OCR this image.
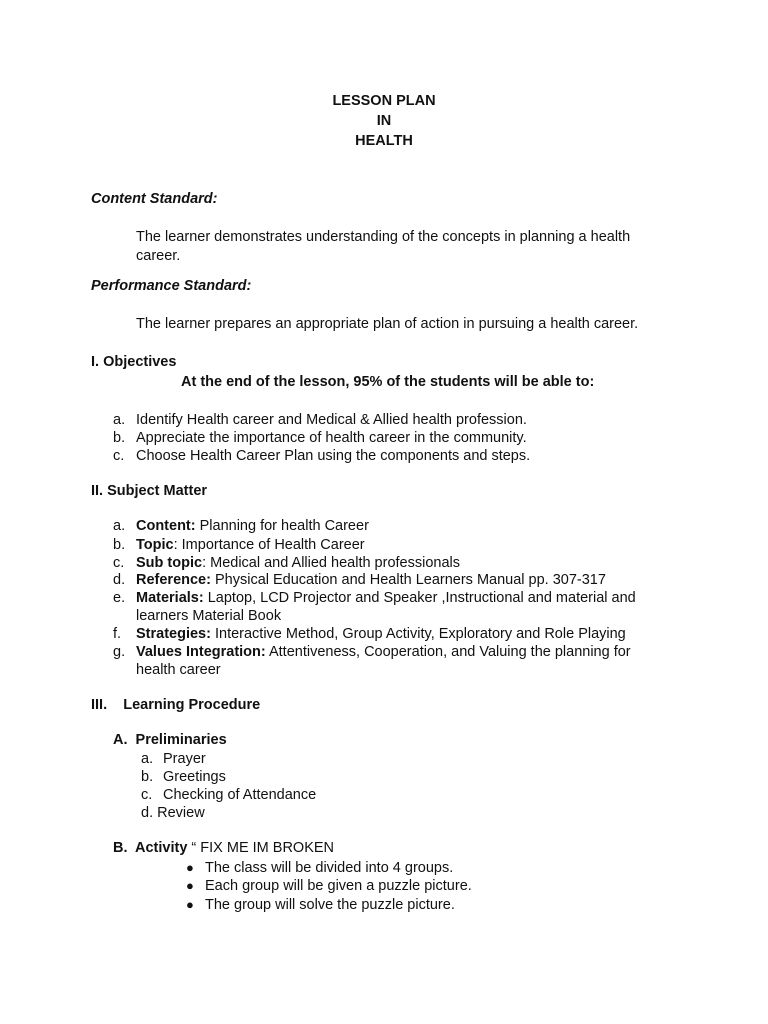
LESSON PLAN
IN
HEALTH
Content Standard:
The learner demonstrates understanding of the concepts in planning a health
career.
Performance Standard:
The learner prepares an appropriate plan of action in pursuing a health career.
I. Objectives
At the end of the lesson, 95% of the students will be able to:
a. Identify Health career and Medical & Allied health profession.
b. Appreciate the importance of health career in the community.
c. Choose Health Career Plan using the components and steps.
II. Subject Matter
a. Content: Planning for health Career
b. Topic: Importance of Health Career
c. Sub topic: Medical and Allied health professionals
d. Reference: Physical Education and Health Learners Manual pp. 307-317
e. Materials: Laptop, LCD Projector and Speaker ,Instructional and material and
learners Material Book
f. Strategies: Interactive Method, Group Activity, Exploratory and Role Playing
g. Values Integration: Attentiveness, Cooperation, and Valuing the planning for
health career
III.    Learning Procedure
A.  Preliminaries
a. Prayer
b. Greetings
c. Checking of Attendance
d. Review
B.  Activity “ FIX ME IM BROKEN
● The class will be divided into 4 groups.
● Each group will be given a puzzle picture.
● The group will solve the puzzle picture.
